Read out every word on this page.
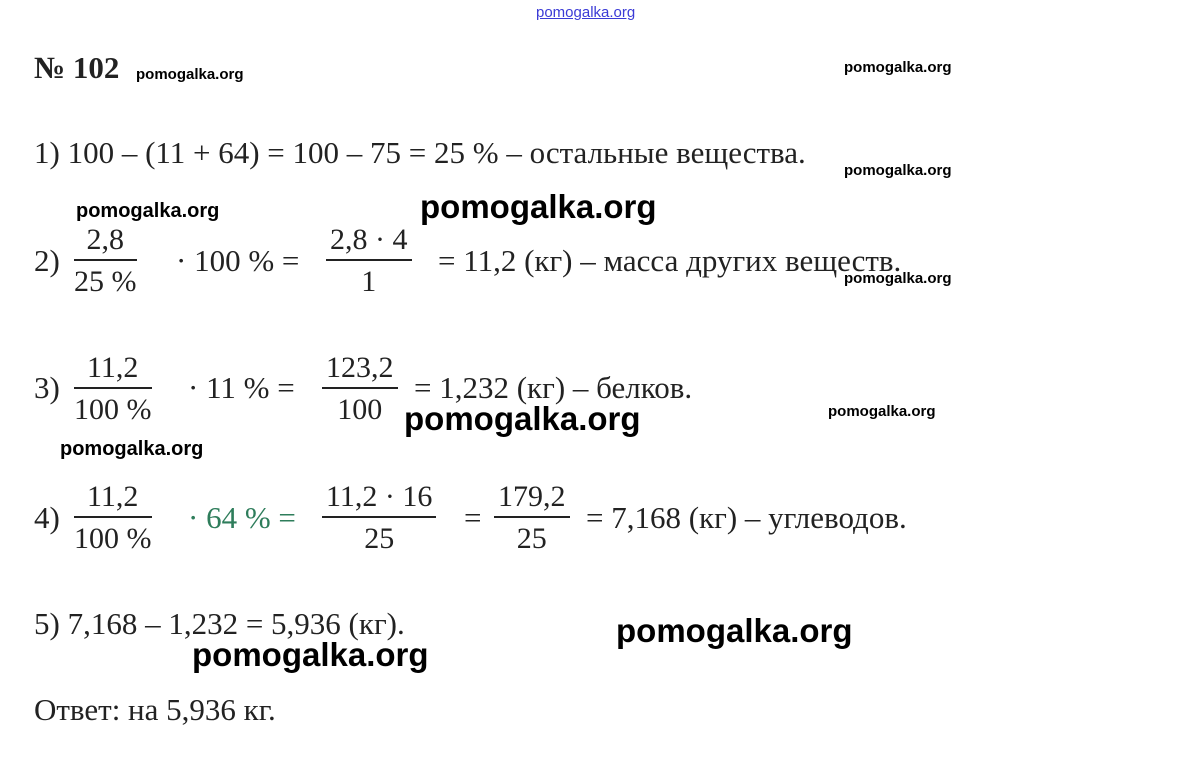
pomogalka.org
pomogalka.org	pomogalka.org
pomogalka.org
pomogalka.org	pomogalka.org
pomogalka.org
pomogalka.org	pomogalka.org
pomogalka.org
pomogalka.org
pomogalka.org
№ 102
1) 100 – (11 + 64) = 100 – 75 = 25 % – остальные вещества.
$2) \frac{2,8}{25 \%} \cdot 100$ % = $\frac{2,8 \cdot 4}{1} = 11,2$ (кг) – масса других веществ.
$3) \frac{11,2}{100 \%} \cdot 11$ % = $\frac{123,2}{100} = 1,232$ (кг) – белков.
$4) \frac{11,2}{100 \%} \cdot 64$ % = $\frac{11,2 \cdot 16}{25} = \frac{179,2}{25} = 7,168$ (кг) – углеводов.
5) 7,168 – 1,232 = 5,936 (кг).
Ответ: на 5,936 кг.
